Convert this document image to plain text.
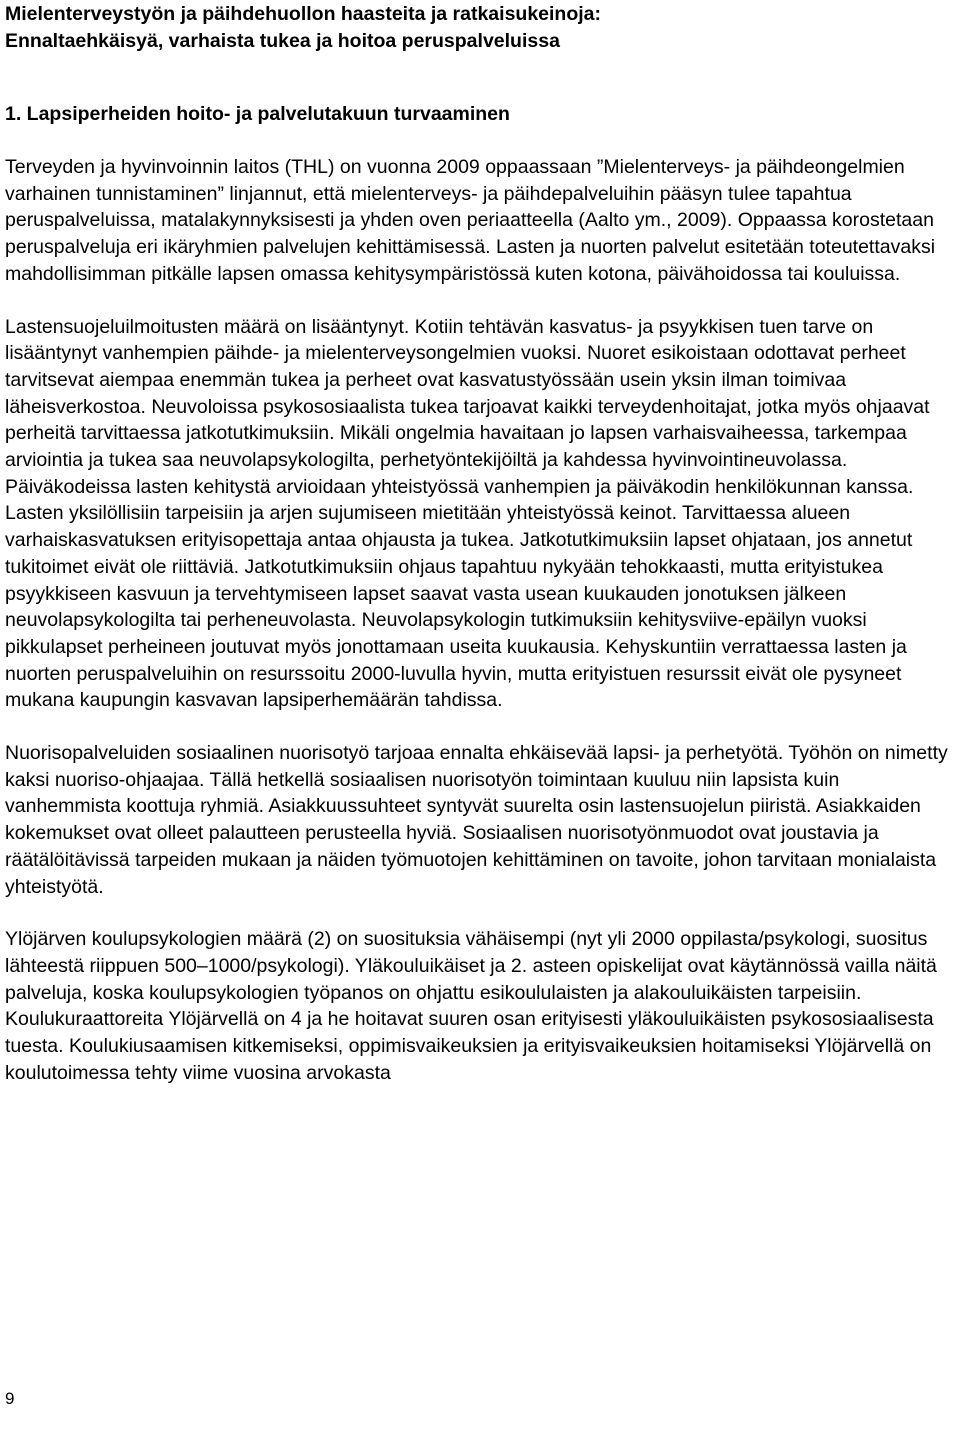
Mielenterveystyön ja päihdehuollon haasteita ja ratkaisukeinoja:
Ennaltaehkäisyä, varhaista tukea ja hoitoa peruspalveluissa
1. Lapsiperheiden hoito- ja palvelutakuun turvaaminen

Terveyden ja hyvinvoinnin laitos (THL) on vuonna 2009 oppaassaan ”Mielenterveys- ja päihdeongelmien varhainen tunnistaminen” linjannut, että mielenterveys- ja päihdepalveluihin pääsyn tulee tapahtua peruspalveluissa, matalakynnyksisesti ja yhden oven periaatteella (Aalto ym., 2009). Oppaassa korostetaan peruspalveluja eri ikäryhmien palvelujen kehittämisessä. Lasten ja nuorten palvelut esitetään toteutettavaksi mahdollisimman pitkälle lapsen omassa kehitysympäristössä kuten kotona, päivähoidossa tai kouluissa.

Lastensuojeluilmoitusten määrä on lisääntynyt. Kotiin tehtävän kasvatus- ja psyykkisen tuen tarve on lisääntynyt vanhempien päihde- ja mielenterveysongelmien vuoksi. Nuoret esikoistaan odottavat perheet tarvitsevat aiempaa enemmän tukea ja perheet ovat kasvatustyössään usein yksin ilman toimivaa läheisverkostoa. Neuvoloissa psykososiaalista tukea tarjoavat kaikki terveydenhoitajat, jotka myös ohjaavat perheitä tarvittaessa jatkotutkimuksiin. Mikäli ongelmia havaitaan jo lapsen varhaisvaiheessa, tarkempaa arviointia ja tukea saa neuvolapsykologilta, perhetyöntekijöiltä ja kahdessa hyvinvointineuvolassa. Päiväkodeissa lasten kehitystä arvioidaan yhteistyössä vanhempien ja päiväkodin henkilökunnan kanssa. Lasten yksilöllisiin tarpeisiin ja arjen sujumiseen mietitään yhteistyössä keinot. Tarvittaessa alueen varhaiskasvatuksen erityisopettaja antaa ohjausta ja tukea. Jatkotutkimuksiin lapset ohjataan, jos annetut tukitoimet eivät ole riittäviä. Jatkotutkimuksiin ohjaus tapahtuu nykyään tehokkaasti, mutta erityistukea psyykkiseen kasvuun ja tervehtymiseen lapset saavat vasta usean kuukauden jonotuksen jälkeen neuvolapsykologilta tai perheneuvolasta. Neuvolapsykologin tutkimuksiin kehitysviive-epäilyn vuoksi pikkulapset perheineen joutuvat myös jonottamaan useita kuukausia. Kehyskuntiin verrattaessa lasten ja nuorten peruspalveluihin on resurssoitu 2000-luvulla hyvin, mutta erityistuen resurssit eivät ole pysyneet mukana kaupungin kasvavan lapsiperhemäärän tahdissa.

Nuorisopalveluiden sosiaalinen nuorisotyö tarjoaa ennalta ehkäisevää lapsi- ja perhetyötä. Työhön on nimetty kaksi nuoriso-ohjaajaa. Tällä hetkellä sosiaalisen nuorisotyön toimintaan kuuluu niin lapsista kuin vanhemmista koottuja ryhmiä. Asiakkuussuhteet syntyvät suurelta osin lastensuojelun piiristä. Asiakkaiden kokemukset ovat olleet palautteen perusteella hyviä. Sosiaalisen nuorisotyönmuodot ovat joustavia ja räätälöitävissä tarpeiden mukaan ja näiden työmuotojen kehittäminen on tavoite, johon tarvitaan monialaista yhteistyötä.

Ylöjärven koulupsykologien määrä (2) on suosituksia vähäisempi (nyt yli 2000 oppilasta/psykologi, suositus lähteestä riippuen 500–1000/psykologi). Yläkouluikäiset ja 2. asteen opiskelijat ovat käytännössä vailla näitä palveluja, koska koulupsykologien työpanos on ohjattu esikoululaisten ja alakouluikäisten tarpeisiin. Koulukuraattoreita Ylöjärvellä on 4 ja he hoitavat suuren osan erityisesti yläkouluikäisten psykososiaalisesta tuesta. Koulukiusaamisen kitkemiseksi, oppimisvaikeuksien ja erityisvaikeuksien hoitamiseksi Ylöjärvellä on koulutoimessa tehty viime vuosina arvokasta

9
